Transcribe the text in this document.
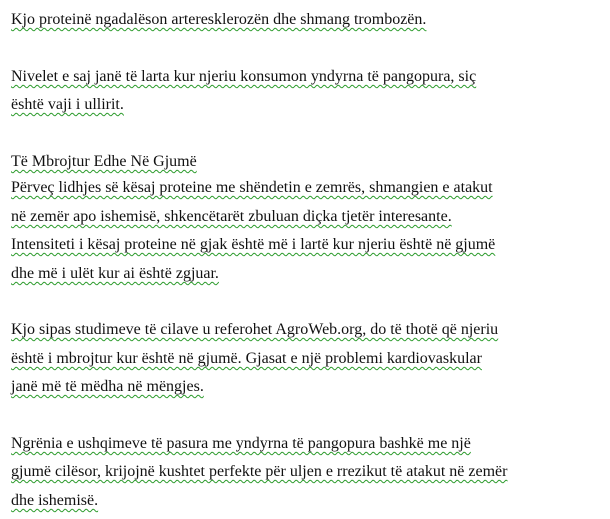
Kjo proteinë ngadalëson arteresklerozën dhe shmang trombozën.
Nivelet e saj janë të larta kur njeriu konsumon yndyrna të pangopura, siç
është vaji i ullirit.
Të Mbrojtur Edhe Në Gjumë
Përveç lidhjes së kësaj proteine me shëndetin e zemrës, shmangien e atakut
në zemër apo ishemisë, shkencëtarët zbuluan diçka tjetër interesante.
Intensiteti i kësaj proteine në gjak është më i lartë kur njeriu është në gjumë
dhe më i ulët kur ai është zgjuar.
Kjo sipas studimeve të cilave u referohet AgroWeb.org, do të thotë që njeriu
është i mbrojtur kur është në gjumë. Gjasat e një problemi kardiovaskular
janë më të mëdha në mëngjes.
Ngrënia e ushqimeve të pasura me yndyrna të pangopura bashkë me një
gjumë cilësor, krijojnë kushtet perfekte për uljen e rrezikut të atakut në zemër
dhe ishemisë.
